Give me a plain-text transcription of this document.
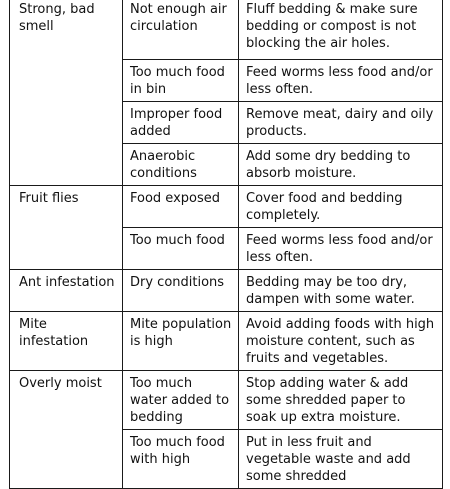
Strong, bad smell	Not enough air circulation	Fluff bedding & make sure bedding or compost is not blocking the air holes.
	Too much food in bin	Feed worms less food and/or less often.
	Improper food added	Remove meat, dairy and oily products.
	Anaerobic conditions	Add some dry bedding to absorb moisture.
Fruit flies	Food exposed	Cover food and bedding completely.
	Too much food	Feed worms less food and/or less often.
Ant infestation	Dry conditions	Bedding may be too dry, dampen with some water.
Mite infestation	Mite population is high	Avoid adding foods with high moisture content, such as fruits and vegetables.
Overly moist	Too much water added to bedding	Stop adding water & add some shredded paper to soak up extra moisture.
	Too much food with high	Put in less fruit and vegetable waste and add some shredded
